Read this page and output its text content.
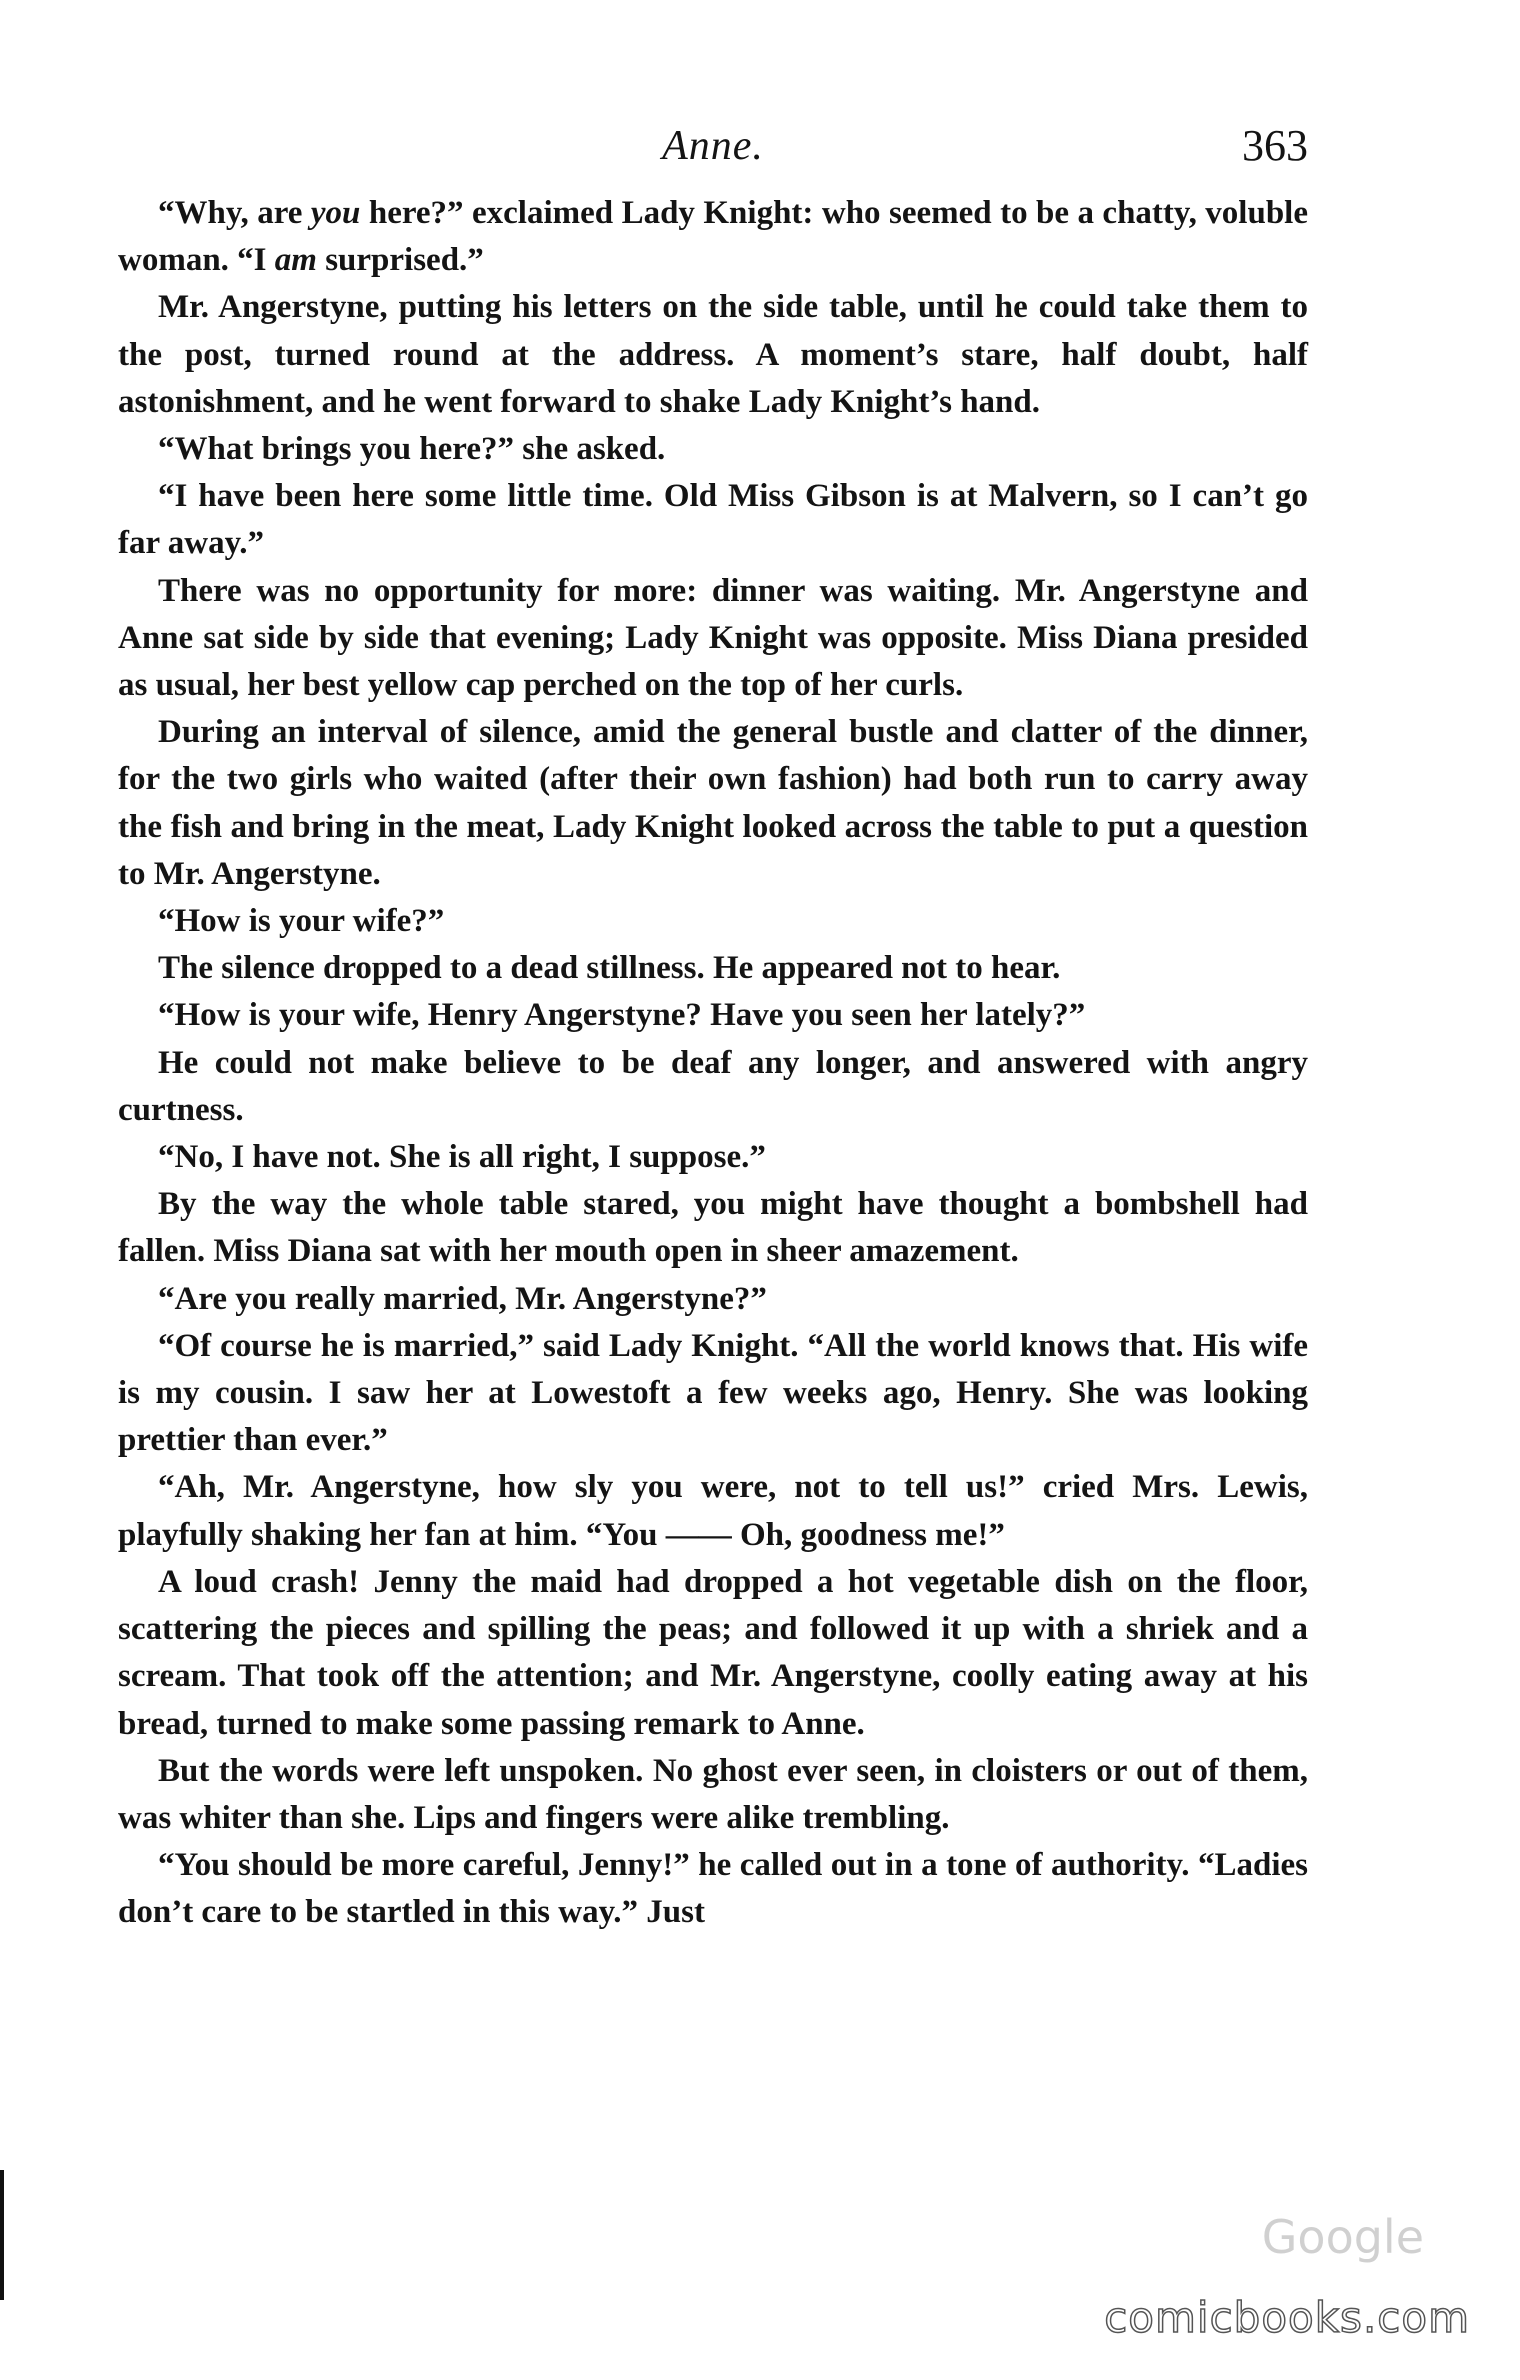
Anne.	363

“Why, are you here?” exclaimed Lady Knight: who seemed to be a chatty, voluble woman. “I am surprised.”

Mr. Angerstyne, putting his letters on the side table, until he could take them to the post, turned round at the address. A moment’s stare, half doubt, half astonishment, and he went forward to shake Lady Knight’s hand.

“What brings you here?” she asked.

“I have been here some little time. Old Miss Gibson is at Malvern, so I can’t go far away.”

There was no opportunity for more: dinner was waiting. Mr. Angerstyne and Anne sat side by side that evening; Lady Knight was opposite. Miss Diana presided as usual, her best yellow cap perched on the top of her curls.

During an interval of silence, amid the general bustle and clatter of the dinner, for the two girls who waited (after their own fashion) had both run to carry away the fish and bring in the meat, Lady Knight looked across the table to put a question to Mr. Angerstyne.

“How is your wife?”

The silence dropped to a dead stillness. He appeared not to hear.

“How is your wife, Henry Angerstyne? Have you seen her lately?”

He could not make believe to be deaf any longer, and answered with angry curtness.

“No, I have not. She is all right, I suppose.”

By the way the whole table stared, you might have thought a bombshell had fallen. Miss Diana sat with her mouth open in sheer amazement.

“Are you really married, Mr. Angerstyne?”

“Of course he is married,” said Lady Knight. “All the world knows that. His wife is my cousin. I saw her at Lowestoft a few weeks ago, Henry. She was looking prettier than ever.”

“Ah, Mr. Angerstyne, how sly you were, not to tell us!” cried Mrs. Lewis, playfully shaking her fan at him. “You —— Oh, goodness me!”

A loud crash! Jenny the maid had dropped a hot vegetable dish on the floor, scattering the pieces and spilling the peas; and followed it up with a shriek and a scream. That took off the attention; and Mr. Angerstyne, coolly eating away at his bread, turned to make some passing remark to Anne.

But the words were left unspoken. No ghost ever seen, in cloisters or out of them, was whiter than she. Lips and fingers were alike trembling.

“You should be more careful, Jenny!” he called out in a tone of authority. “Ladies don’t care to be startled in this way.” Just

Google
comicbooks.com
